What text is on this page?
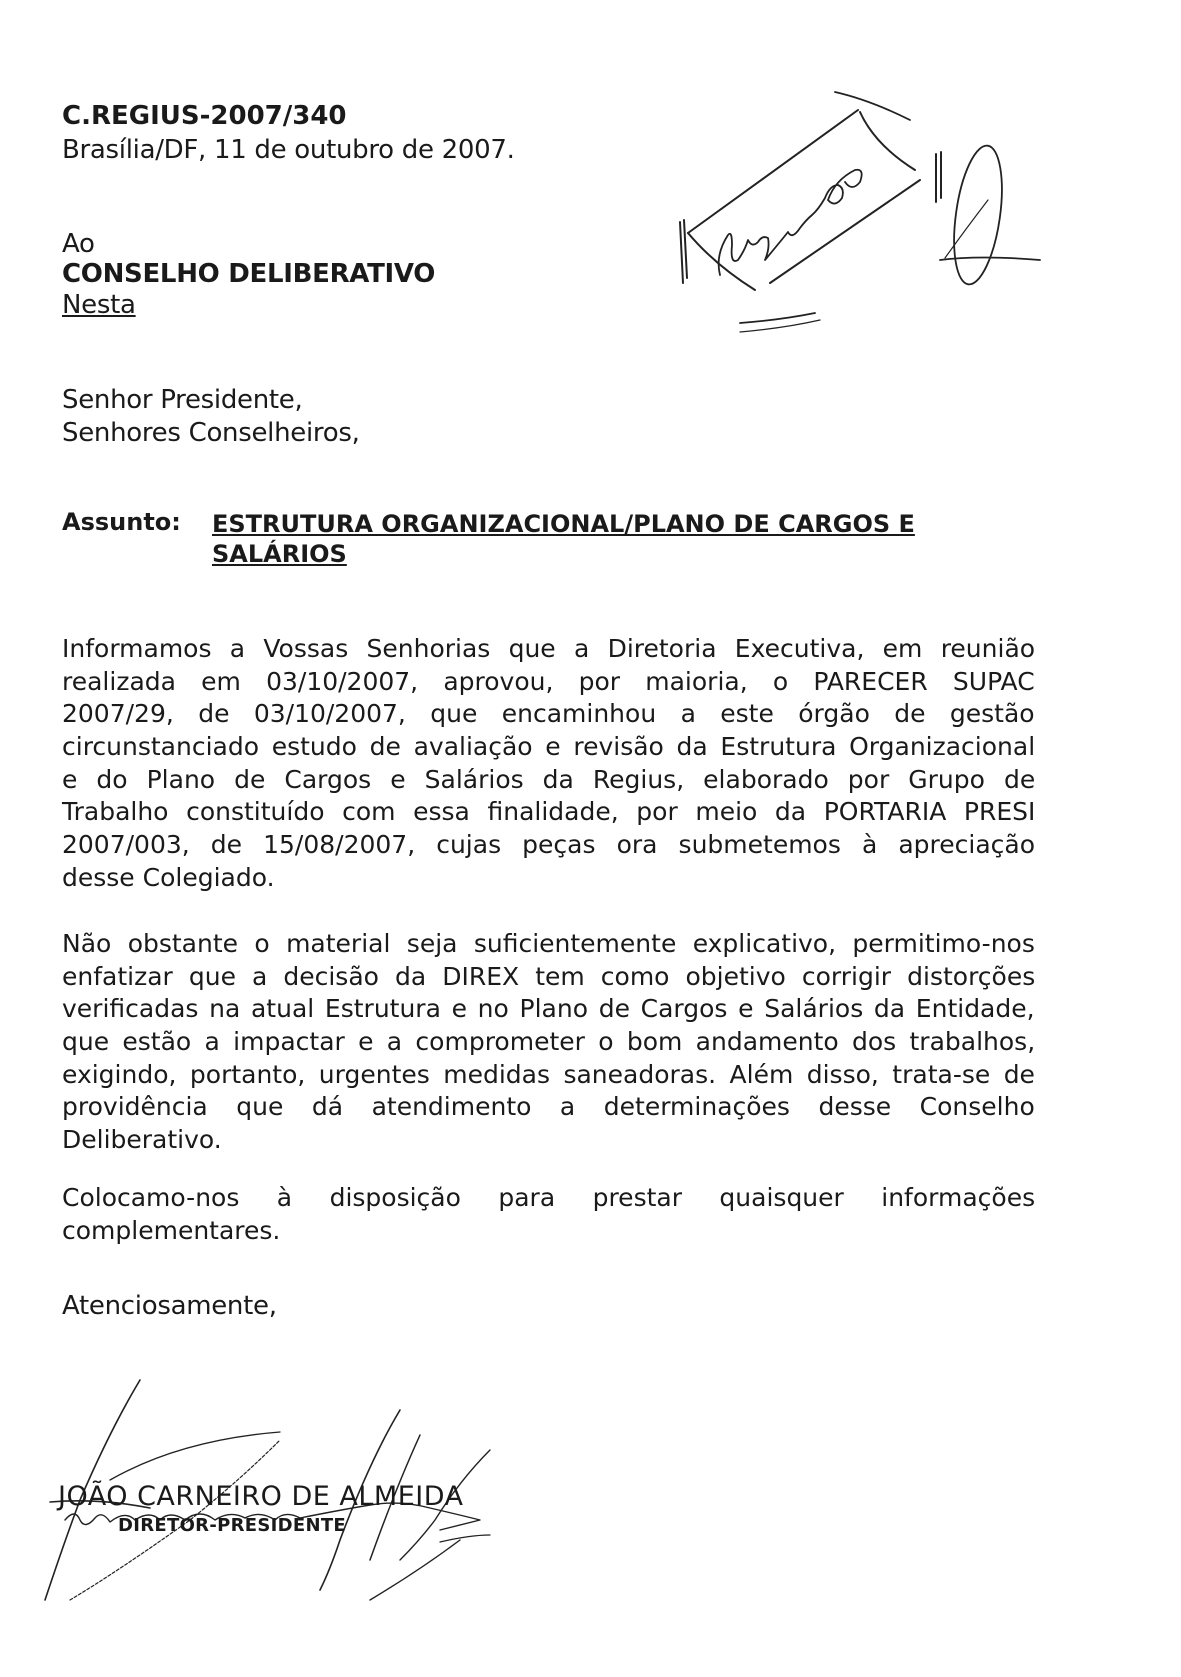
C.REGIUS-2007/340
Brasília/DF, 11 de outubro de 2007.
Ao
CONSELHO DELIBERATIVO
Nesta
Senhor Presidente,
Senhores Conselheiros,
Assunto: ESTRUTURA ORGANIZACIONAL/PLANO DE CARGOS E
SALÁRIOS
Informamos a Vossas Senhorias que a Diretoria Executiva, em reunião
realizada em 03/10/2007, aprovou, por maioria, o PARECER SUPAC
2007/29, de 03/10/2007, que encaminhou a este órgão de gestão
circunstanciado estudo de avaliação e revisão da Estrutura Organizacional
e do Plano de Cargos e Salários da Regius, elaborado por Grupo de
Trabalho constituído com essa finalidade, por meio da PORTARIA PRESI
2007/003, de 15/08/2007, cujas peças ora submetemos à apreciação
desse Colegiado.
Não obstante o material seja suficientemente explicativo, permitimo-nos
enfatizar que a decisão da DIREX tem como objetivo corrigir distorções
verificadas na atual Estrutura e no Plano de Cargos e Salários da Entidade,
que estão a impactar e a comprometer o bom andamento dos trabalhos,
exigindo, portanto, urgentes medidas saneadoras. Além disso, trata-se de
providência que dá atendimento a determinações desse Conselho
Deliberativo.
Colocamo-nos à disposição para prestar quaisquer informações
complementares.
Atenciosamente,
JOÃO CARNEIRO DE ALMEIDA
DIRETOR-PRESIDENTE
